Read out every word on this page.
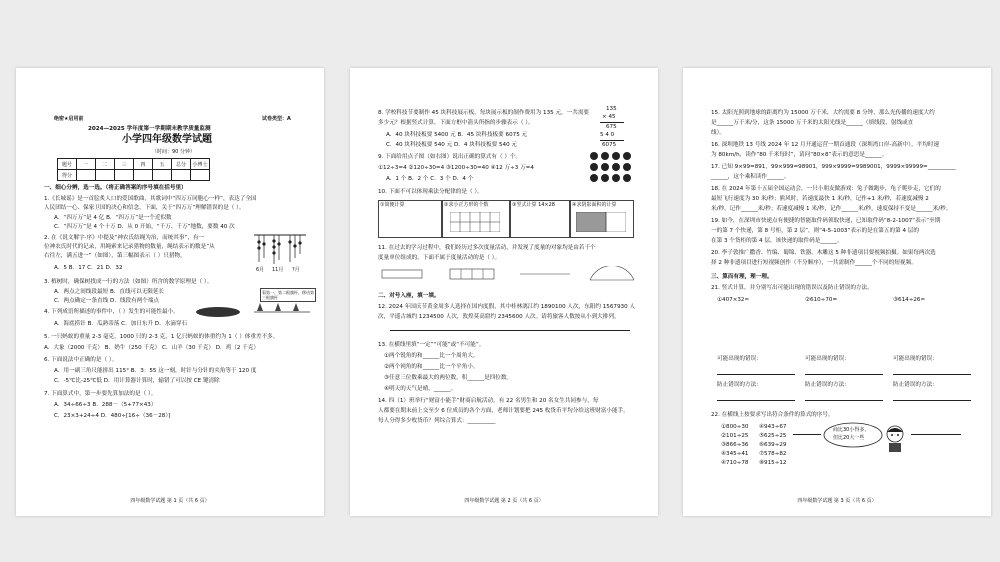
绝密★启用前	试卷类型：A
2024—2025 学年度第一学期期末教学质量监测
小学四年级数学试题
（时间：90 分钟）
题号	一	二	三	四	五	总分	小博士
得分							
一、细心分辨，选一选。（将正确答案的序号填在括号里）
1.《长城谣》是一首脍炙人口的爱国歌曲，其歌词中“四万万同胞心一样”，表达了全国
人民团结一心、保家卫国的决心和信念，下面，关于“四万万”理解错误的是（ ）。
A．“四万万”是 4 亿 B．“四万万”是一个近似数
C．“四万万”是 4 个十万 D．从 0 开始，“千万、千万”地数，要数 40 次
2. 在《说文解字·序》中提及“神农氏结绳为治，而统其事”，有一
位神农氏时代的记录，用绳索来记录猎物的数量，绳结表示的数是“从
右往左，满五进一”（如图），第三幅图表示（ ）只猎物。
A．5 B．17 C．21 D．32	6月 11月 ?月
3. 植树时，确保树找成一行的方法（如图）所含的数学原理是（ ）。
A．两点之间线段最短 B．直线可以无限延长
C．两点确定一条直线 D．线段有两个端点
看第一、第二根旗杆，移动第三根旗杆
4. 下列成语所描述的事件中，（ ）发生的可能性最小。
A．海底捞针 B．瓜熟蒂落 C．加日东升 D．水滴穿石
5. 一只蚂蚁的重量 2-3 毫克，1000 只的 2-3 克，1 亿只蚂蚁的体重约为 1（ ）体重差不多。
A．大象（2000 千克） B．奶牛（250 千克） C．山羊（30 千克） D．鸡（2 千克）
6. 下面说法中正确的是（ ）。
A．用一副三角尺能拼出 115° B．3：55 这一刻，时针与分针的夹角等于 120 度
C．-5℃比-25℃低 D．用计算器计算时，输错了可以按 CE 键清除
7. 下面算式中，第一步要先算加法的是（ ）。
A．34÷66÷3 B．288－（5+77×43）
C．23×3+24÷4 D．480÷[16÷（36－28）]
四年级数学试题 第 1 页（共 6 页）
8. 学校科技节要制作 45 块科技展示板，每块展示板的制作费用为 135 元，一共需要
多少元？根据竖式计算，下面方框中箭头所指的步骤表示（ ）。
A．40 块科技板要 5400 元 B．45 块科技板要 6075 元
C．40 块科技板要 540 元 D．4 块科技板要 540 元
135
× 45
675
5 4 0
6075
9. 下面给用点子图（如右图）说出正确的算式有（ ）个。
①12÷3=4 ②120÷30=4 ③1200÷30=40 ④12 万÷3 万=4
A．1 个 B．2 个 C．3 个 D．4 个
10. 下面不可以体现乘法分配律的是（ ）。
①简便计算	②求小正方形的个数	③竖式计算 14×28	④求阴影面积的计算
11. 在过去的学习过程中，我们经历过多次度量活动，并发现了度量的对象均是由若干个
度量单位组成的。下面不属于度量活动的是（ ）。
二、对号入座，填一填。
12. 2024 年国庆节黄金周多人选择在国内度假，其中桂林漓江约 1890100 人次，东阳约 1567930 人
次，平遥古城约 1234500 人次，敦煌莫高窟约 2345600 人次。请将旅客人数按从小到大排列。
13. 在横线里填“一定”“可能”或“不可能”。
①两个锐角的和______比一个周角大。
②两个钝角的和______比一个平角小。
③任意三位数乘最大的两位数，积______是四位数。
④明天的天气是晴，______。
14. 四（1）班举行“财富小能手”财商启航活动，有 22 名男生和 20 名女生共同参与，每
人都要在期末前上交至少 6 位成员的各个方面，老师计划要把 245 枚货币平均分给这班财富小能手，
每人分得多少枚货币？列综合算式：__________
四年级数学试题 第 2 页（共 6 页）
15. 太阳光照到地球的距离约为 15000 万千米，大约需要 8 分钟，那么光传播的速度大约
是______万千米/分，这条 15000 万千米的太阳光线是______（填线段、射线或直
线）。
16. 深圳地铁 13 号线 2024 年 12 月开通运营一期首通段（深圳湾口岸-高新中），平均时速
为 80km/h，读作“80 千米每时”，请问“80×8”表示的意思是______。
17. 已知 9×99=891，99×999=98901，999×9999=9989001，9999×99999=__________
______，这个乘积读作______。
18. 在 2024 年第十五届全国运动会，一只小朋友做游戏：兔子做跑步，龟子爬步走，它们的
最短飞行速度为 30 米/秒；熊风时，若速度最快 1 米/秒，记作+1 米/秒，若速度减慢 2
米/秒，记作______米/秒；若速度减慢 1 米/秒，记作______米/秒，速度保持不变是______米/秒。
19. 如今，在深圳市快递点有便捷的智能取件码领取快递，已知取件码“8-2-1007”表示“至期
一的第 7 个快递，第 8 号柜，第 2 层”，则“4-5-1003”表示的是在第五的第 4 层的
在第 3 个货柜的第 4 层，该快递的取件码是______。
20. 李子敦推广撒香、竹编、蜀锦、铁器、木雕这 5 种非遗项目要视频拍摄。如果每两次选
择 2 种非遗项目进行短视频创作（不分顺序），一共需制作______个不同的短视频。
三、算而有理，理一理。
21. 竖式计算，并分别写出可能出现的错误以及防止错误的方法。
①407×32≈	②610÷70=	③614÷26≈
可能出现的错误：	可能出现的错误：	可能出现的错误：
防止错误的方法：	防止错误的方法：	防止错误的方法：
22. 在横线上按要求写出符合条件的算式的序号。
①800÷30 ④943÷67
②101÷25 ⑤625÷25
③866÷36 ⑥639÷29
④345÷41 ⑦578÷82
④710÷78 ⑧915÷12
商比30小得多，
但比20大一些
四年级数学试题 第 3 页（共 6 页）
